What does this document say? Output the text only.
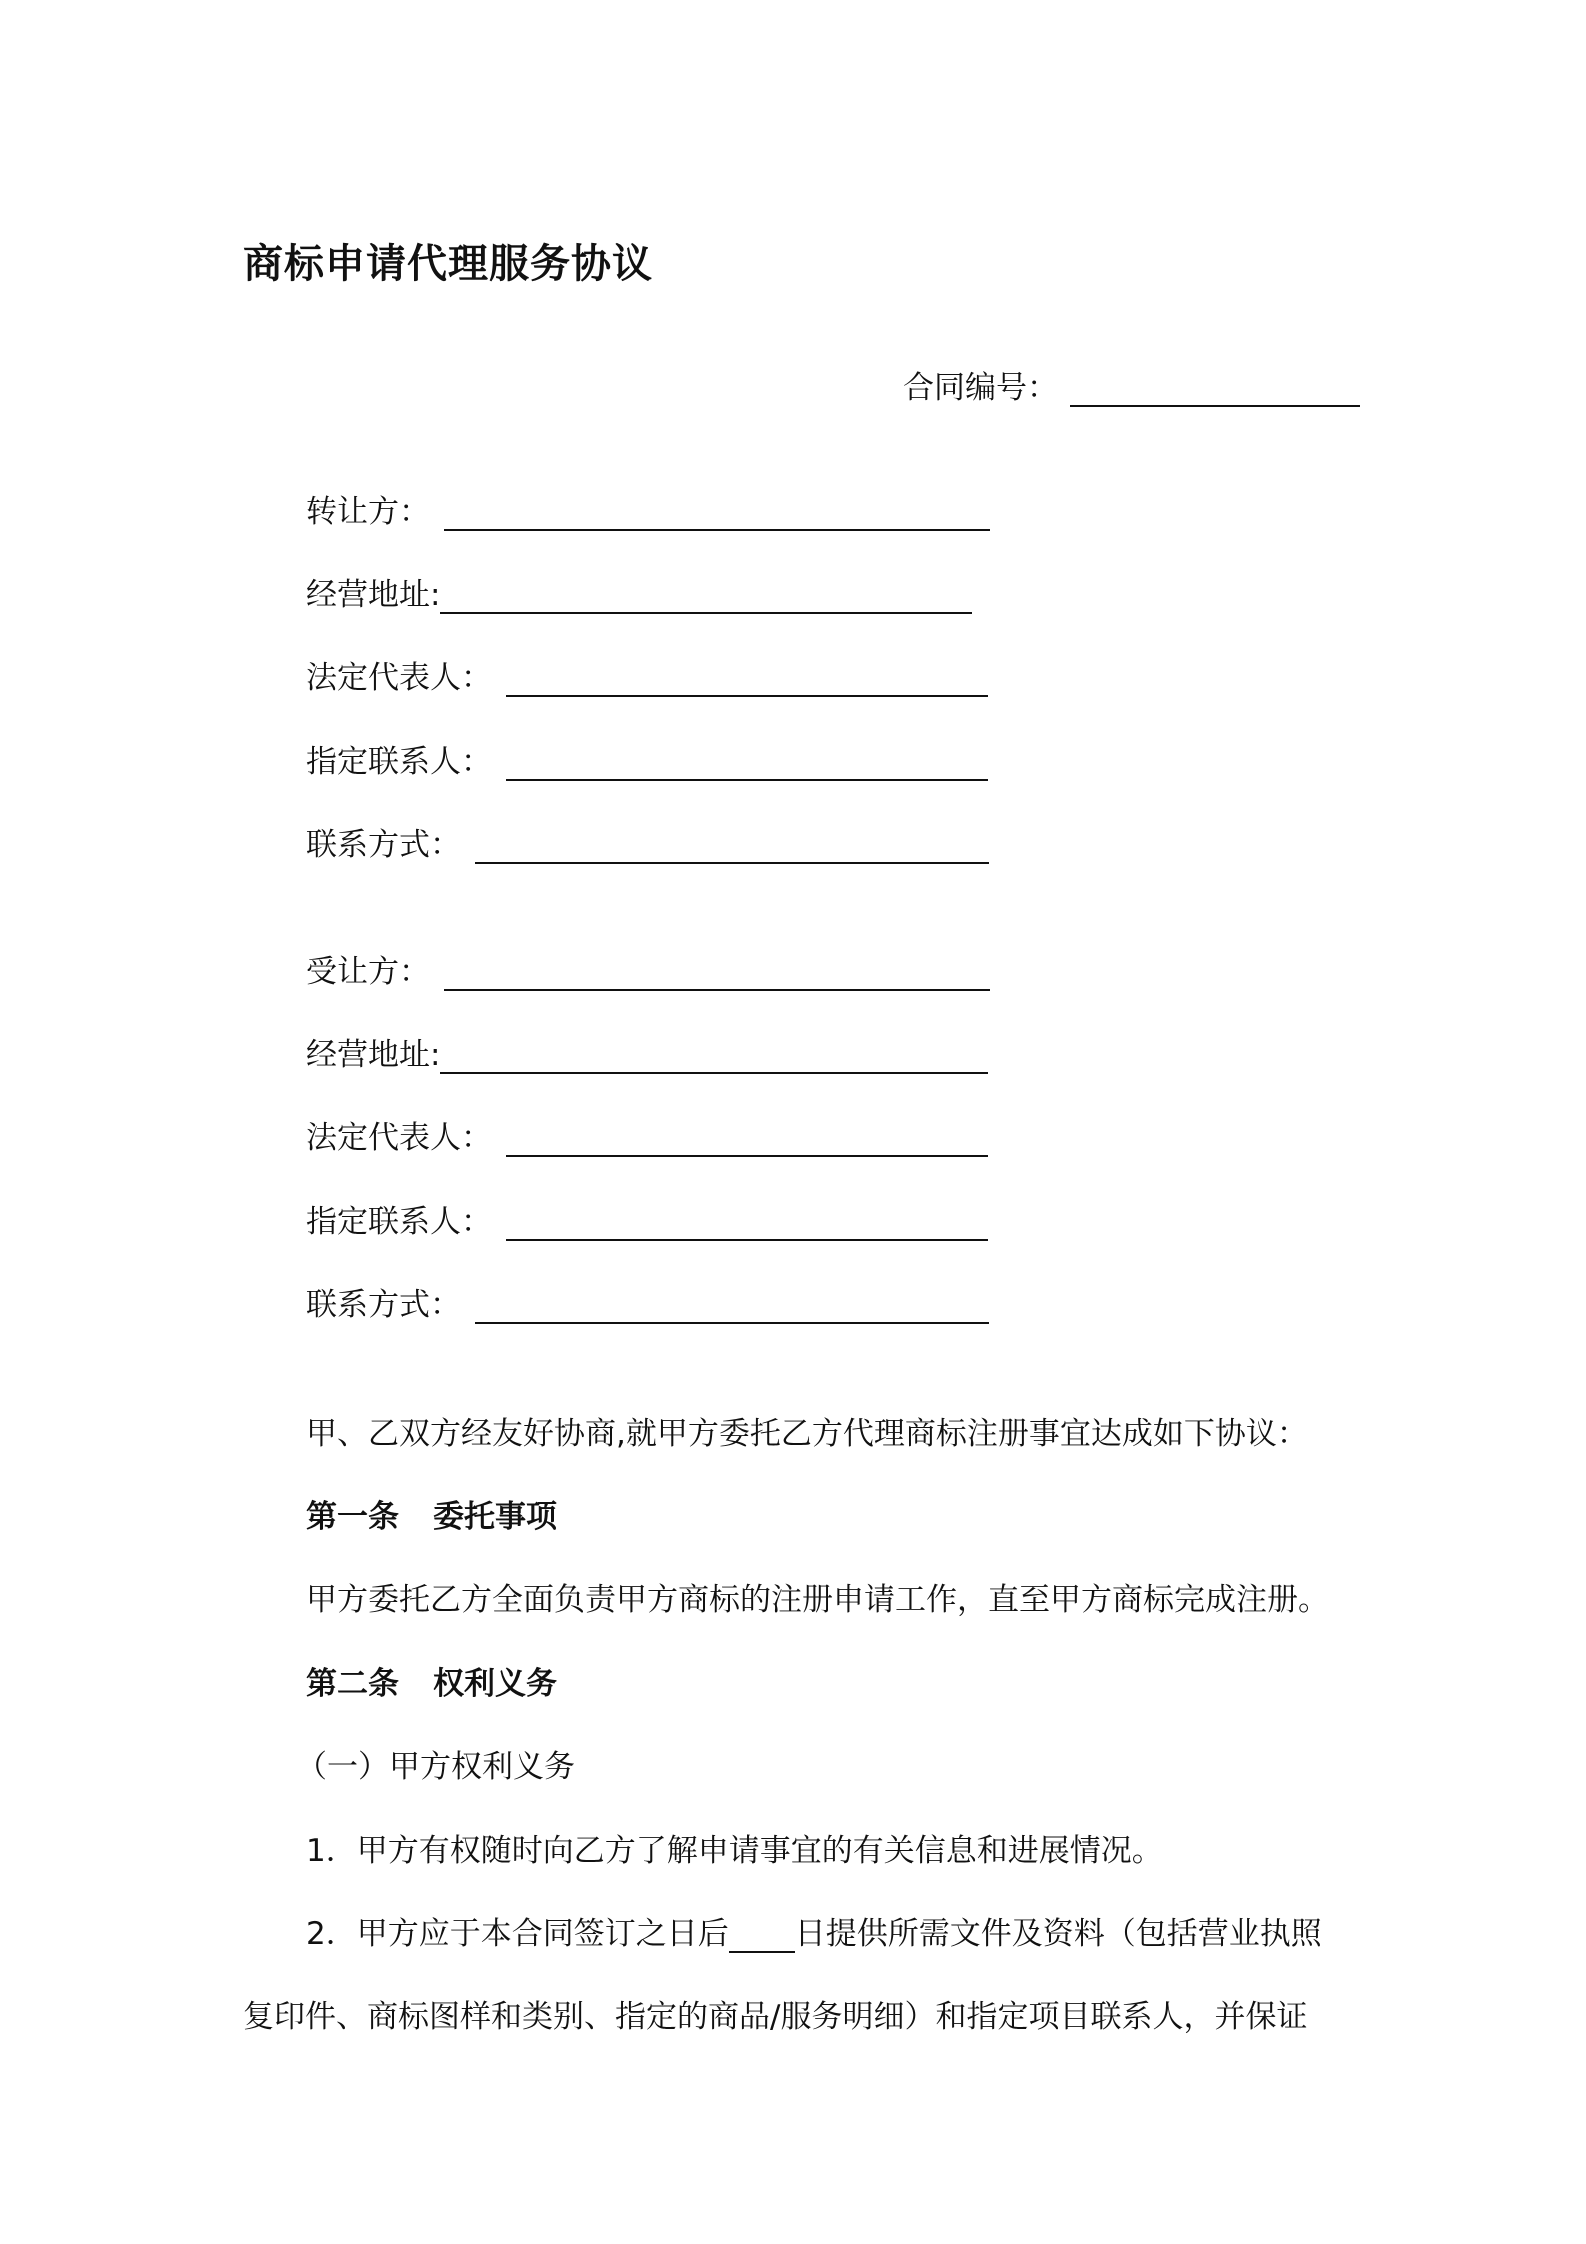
商标申请代理服务协议
合同编号：
转让方：
经营地址:
法定代表人：
指定联系人：
联系方式：
受让方：
经营地址:
法定代表人：
指定联系人：
联系方式：
甲、乙双方经友好协商,就甲方委托乙方代理商标注册事宜达成如下协议：
第一条 委托事项
甲方委托乙方全面负责甲方商标的注册申请工作，直至甲方商标完成注册。
第二条 权利义务
（一）甲方权利义务
1．甲方有权随时向乙方了解申请事宜的有关信息和进展情况。
2．甲方应于本合同签订之日后 日提供所需文件及资料（包括营业执照
复印件、商标图样和类别、指定的商品/服务明细）和指定项目联系人，并保证
